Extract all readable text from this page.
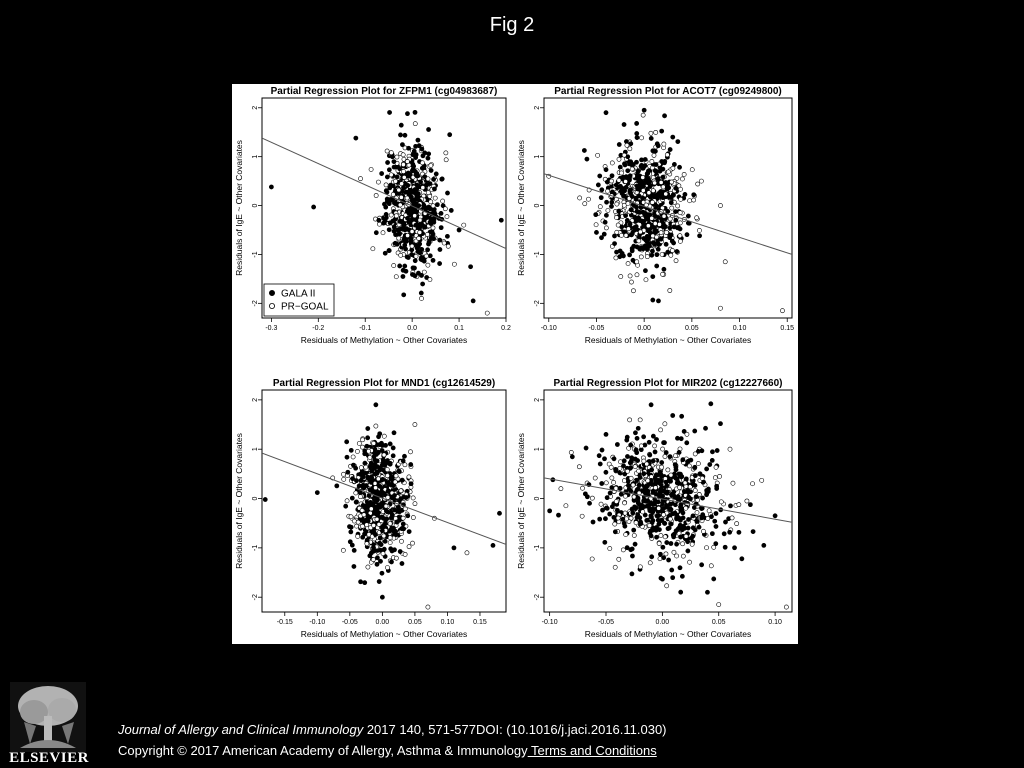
Fig 2
Partial Regression Plot for ZFPM1 (cg04983687)
-0.3	-0.2	-0.1	0.0	0.1	0.2
-2
-1
0
1
2
Residuals of Methylation ~ Other Covariates
Residuals of IgE ~ Other Covariates
GALA II
PR−GOAL
Partial Regression Plot for ACOT7 (cg09249800)
-0.10	-0.05	0.00	0.05	0.10	0.15
-2
-1
0
1
2
Residuals of Methylation ~ Other Covariates
Residuals of IgE ~ Other Covariates
Partial Regression Plot for MND1 (cg12614529)
-0.15 -0.10 -0.05	0.00	0.05	0.10	0.15
-2
-1
0
1
2
Residuals of Methylation ~ Other Covariates
Residuals of IgE ~ Other Covariates
Partial Regression Plot for MIR202 (cg12227660)
-0.10	-0.05	0.00	0.05	0.10
-2
-1
0
1
2
Residuals of Methylation ~ Other Covariates
Residuals of IgE ~ Other Covariates
ELSEVIER
Journal of Allergy and Clinical Immunology 2017 140, 571-577DOI: (10.1016/j.jaci.2016.11.030)
Copyright © 2017 American Academy of Allergy, Asthma & Immunology Terms and Conditions
